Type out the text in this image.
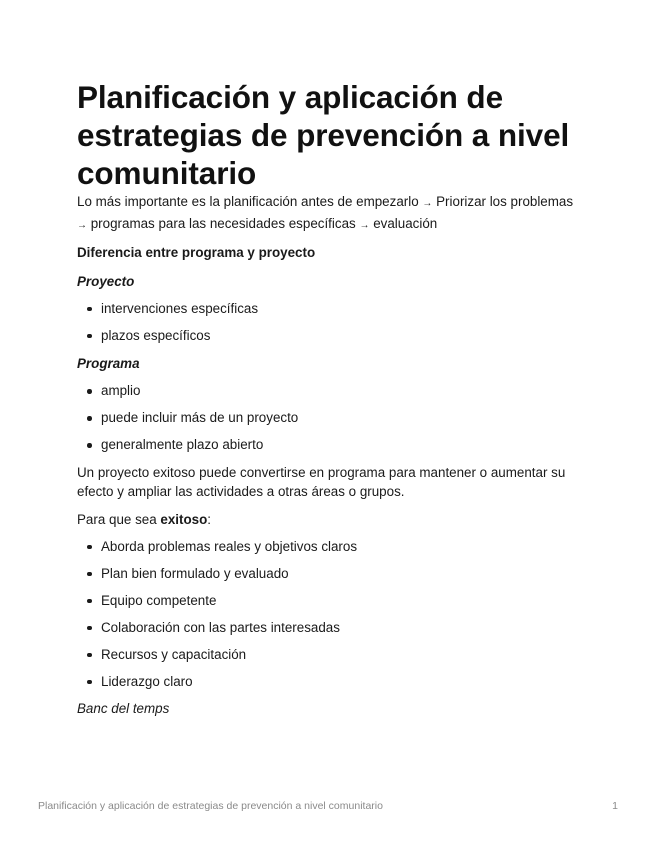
Planificación y aplicación de estrategias de prevención a nivel comunitario

Lo más importante es la planificación antes de empezarlo → Priorizar los problemas → programas para las necesidades específicas → evaluación

Diferencia entre programa y proyecto

Proyecto

intervenciones específicas
plazos específicos

Programa

amplio
puede incluir más de un proyecto
generalmente plazo abierto

Un proyecto exitoso puede convertirse en programa para mantener o aumentar su efecto y ampliar las actividades a otras áreas o grupos.

Para que sea exitoso:

Aborda problemas reales y objetivos claros
Plan bien formulado y evaluado
Equipo competente
Colaboración con las partes interesadas
Recursos y capacitación
Liderazgo claro

Banc del temps

Planificación y aplicación de estrategias de prevención a nivel comunitario	1
